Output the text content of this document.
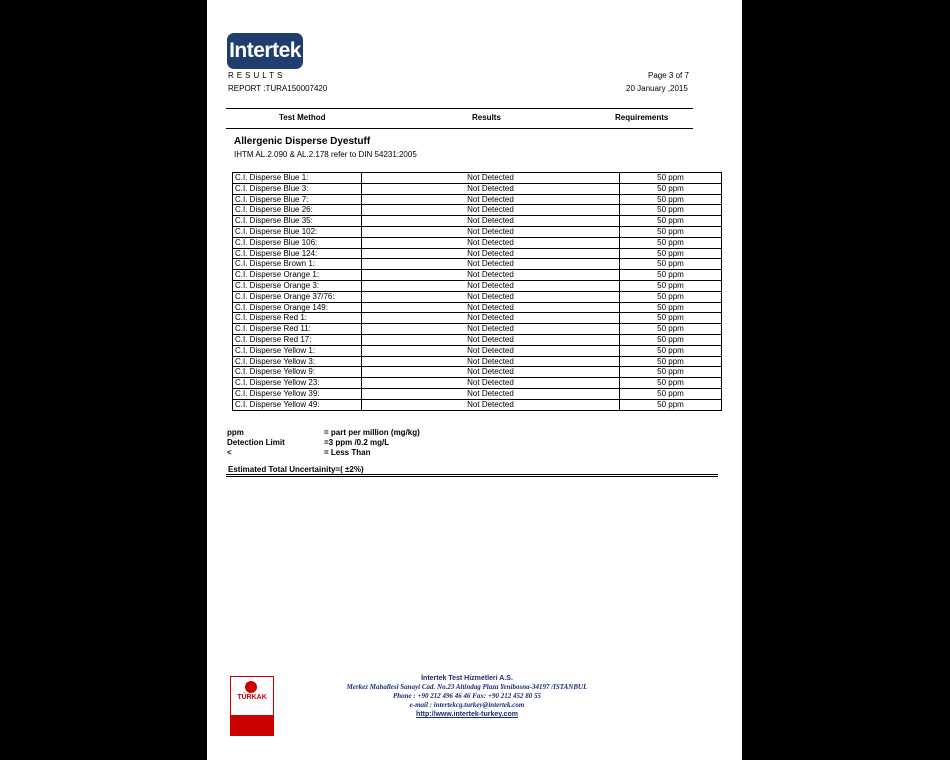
Intertek
RESULTS
REPORT :TURA150007420
Page 3 of 7
20 January ,2015
Test Method	Results	Requirements
Allergenic Disperse Dyestuff
IHTM AL.2.090 & AL.2.178 refer to DIN 54231:2005
C.I. Disperse Blue 1:	Not Detected	50 ppm
C.I. Disperse Blue 3:	Not Detected	50 ppm
C.I. Disperse Blue 7:	Not Detected	50 ppm
C.I. Disperse Blue 26:	Not Detected	50 ppm
C.I. Disperse Blue 35:	Not Detected	50 ppm
C.I. Disperse Blue 102:	Not Detected	50 ppm
C.I. Disperse Blue 106:	Not Detected	50 ppm
C.I. Disperse Blue 124:	Not Detected	50 ppm
C.I. Disperse Brown 1:	Not Detected	50 ppm
C.I. Disperse Orange 1:	Not Detected	50 ppm
C.I. Disperse Orange 3:	Not Detected	50 ppm
C.I. Disperse Orange 37/76:	Not Detected	50 ppm
C.I. Disperse Orange 149:	Not Detected	50 ppm
C.I. Disperse Red 1:	Not Detected	50 ppm
C.I. Disperse Red 11:	Not Detected	50 ppm
C.I. Disperse Red 17:	Not Detected	50 ppm
C.I. Disperse Yellow 1:	Not Detected	50 ppm
C.I. Disperse Yellow 3:	Not Detected	50 ppm
C.I. Disperse Yellow 9:	Not Detected	50 ppm
C.I. Disperse Yellow 23:	Not Detected	50 ppm
C.I. Disperse Yellow 39:	Not Detected	50 ppm
C.I. Disperse Yellow 49:	Not Detected	50 ppm
ppm	= part per million (mg/kg)
Detection Limit	=3 ppm /0.2 mg/L
<	= Less Than
Estimated Total Uncertainity=( ±2%)
TÜRKAK
İntertek Test Hizmetleri A.S.
Merkez Mahallesi Sanayi Cad. No.23 Altindag Plaza Yenibosna-34197 /ISTANBUL
Phone : +90 212 496 46 46 Fax: +90 212 452 80 55
e-mail : intertekcg.turkey@intertek.com
http://www.intertek-turkey.com
